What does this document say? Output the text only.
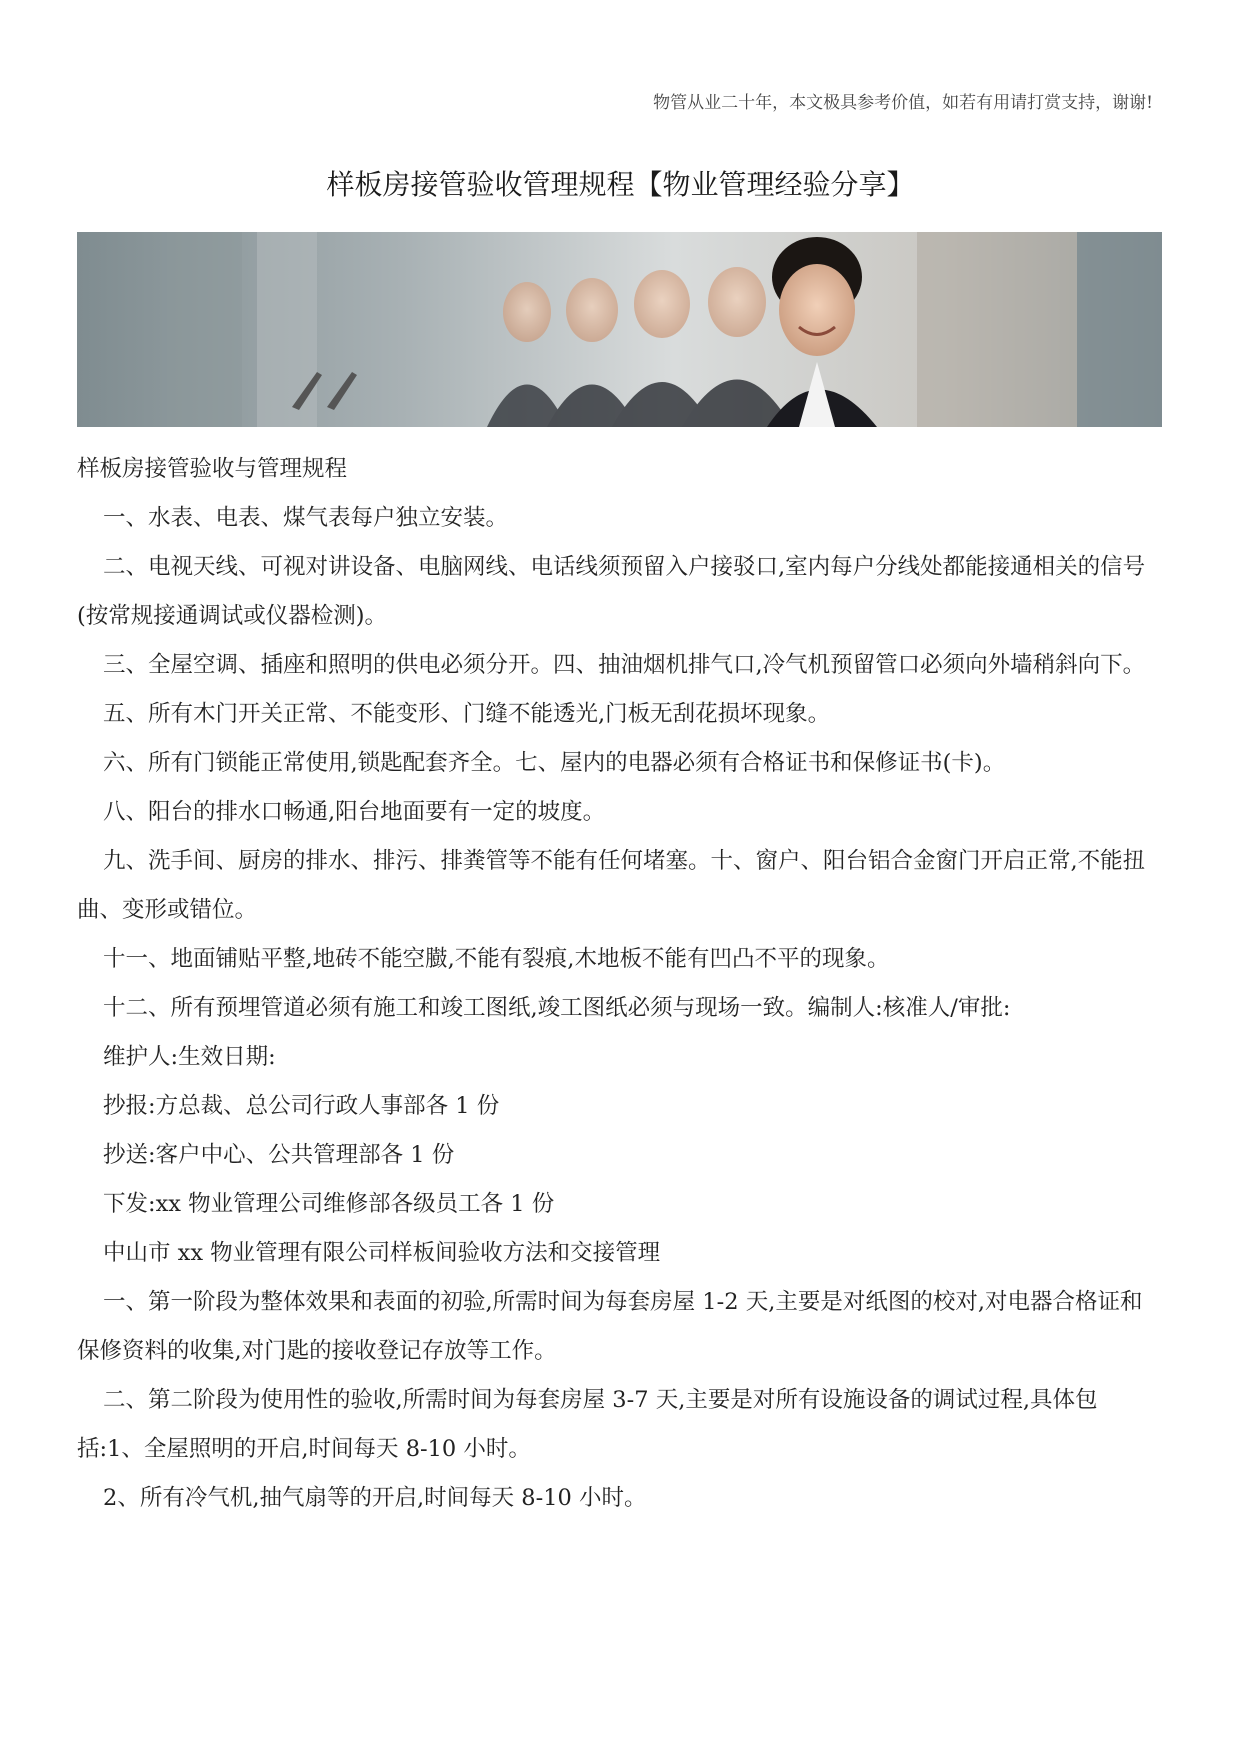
物管从业二十年，本文极具参考价值，如若有用请打赏支持，谢谢!
样板房接管验收管理规程【物业管理经验分享】

样板房接管验收与管理规程

一、水表、电表、煤气表每户独立安装。

二、电视天线、可视对讲设备、电脑网线、电话线须预留入户接驳口,室内每户分线处都能接通相关的信号(按常规接通调试或仪器检测)。

三、全屋空调、插座和照明的供电必须分开。四、抽油烟机排气口,冷气机预留管口必须向外墙稍斜向下。

五、所有木门开关正常、不能变形、门缝不能透光,门板无刮花损坏现象。

六、所有门锁能正常使用,锁匙配套齐全。七、屋内的电器必须有合格证书和保修证书(卡)。

八、阳台的排水口畅通,阳台地面要有一定的坡度。

九、洗手间、厨房的排水、排污、排粪管等不能有任何堵塞。十、窗户、阳台铝合金窗门开启正常,不能扭曲、变形或错位。

十一、地面铺贴平整,地砖不能空臌,不能有裂痕,木地板不能有凹凸不平的现象。

十二、所有预埋管道必须有施工和竣工图纸,竣工图纸必须与现场一致。编制人:核准人/审批:

维护人:生效日期:

抄报:方总裁、总公司行政人事部各 1 份

抄送:客户中心、公共管理部各 1 份

下发:xx 物业管理公司维修部各级员工各 1 份

中山市 xx 物业管理有限公司样板间验收方法和交接管理

一、第一阶段为整体效果和表面的初验,所需时间为每套房屋 1-2 天,主要是对纸图的校对,对电器合格证和保修资料的收集,对门匙的接收登记存放等工作。

二、第二阶段为使用性的验收,所需时间为每套房屋 3-7 天,主要是对所有设施设备的调试过程,具体包括:1、全屋照明的开启,时间每天 8-10 小时。

2、所有冷气机,抽气扇等的开启,时间每天 8-10 小时。
